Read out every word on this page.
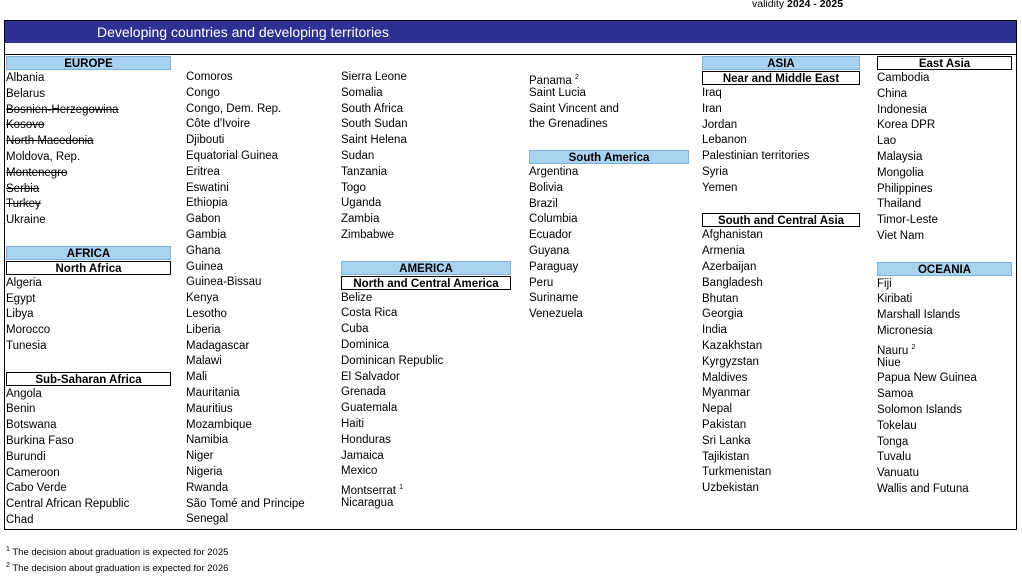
validity 2024 - 2025
Developing countries and developing territories
EUROPE
Albania
Belarus
Bosnien-Herzegowina
Kosovo
North Macedonia
Moldova, Rep.
Montenegro
Serbia
Turkey
Ukraine
AFRICA
North Africa
Algeria
Egypt
Libya
Morocco
Tunesia
Sub-Saharan Africa
Angola
Benin
Botswana
Burkina Faso
Burundi
Cameroon
Cabo Verde
Central African Republic
Chad
Comoros
Congo
Congo, Dem. Rep.
Côte d'Ivoire
Djibouti
Equatorial Guinea
Eritrea
Eswatini
Ethiopia
Gabon
Gambia
Ghana
Guinea
Guinea-Bissau
Kenya
Lesotho
Liberia
Madagascar
Malawi
Mali
Mauritania
Mauritius
Mozambique
Namibia
Niger
Nigeria
Rwanda
São Tomé and Principe
Senegal
Sierra Leone
Somalia
South Africa
South Sudan
Saint Helena
Sudan
Tanzania
Togo
Uganda
Zambia
Zimbabwe
AMERICA
North and Central America
Belize
Costa Rica
Cuba
Dominica
Dominican Republic
El Salvador
Grenada
Guatemala
Haiti
Honduras
Jamaica
Mexico
Montserrat $^1$
Nicaragua
Panama $^2$
Saint Lucia
Saint Vincent and
the Grenadines
South America
Argentina
Bolivia
Brazil
Columbia
Ecuador
Guyana
Paraguay
Peru
Suriname
Venezuela
ASIA
Near and Middle East
Iraq
Iran
Jordan
Lebanon
Palestinian territories
Syria
Yemen
South and Central Asia
Afghanistan
Armenia
Azerbaijan
Bangladesh
Bhutan
Georgia
India
Kazakhstan
Kyrgyzstan
Maldives
Myanmar
Nepal
Pakistan
Sri Lanka
Tajikistan
Turkmenistan
Uzbekistan
East Asia
Cambodia
China
Indonesia
Korea DPR
Lao
Malaysia
Mongolia
Philippines
Thailand
Timor-Leste
Viet Nam
OCEANIA
Fiji
Kiribati
Marshall Islands
Micronesia
Nauru $^2$
Niue
Papua New Guinea
Samoa
Solomon Islands
Tokelau
Tonga
Tuvalu
Vanuatu
Wallis and Futuna
$^1$ The decision about graduation is expected for 2025
$^2$ The decision about graduation is expected for 2026
